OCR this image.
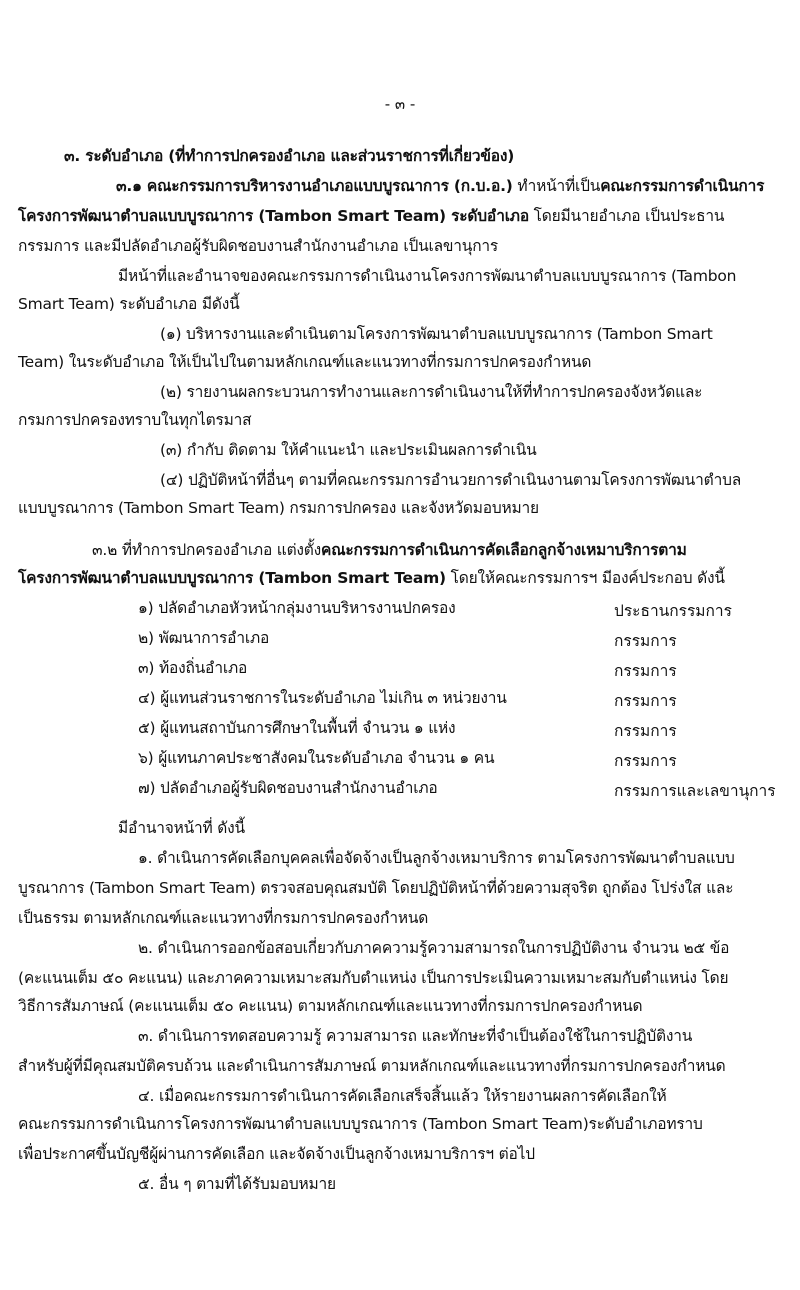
- ๓ -
๓. ระดับอำเภอ (ที่ทำการปกครองอำเภอ และส่วนราชการที่เกี่ยวข้อง)
๓.๑ คณะกรรมการบริหารงานอำเภอแบบบูรณาการ (ก.บ.อ.) ทำหน้าที่เป็นคณะกรรมการดำเนินการ
โครงการพัฒนาตำบลแบบบูรณาการ (Tambon Smart Team) ระดับอำเภอ โดยมีนายอำเภอ เป็นประธาน
กรรมการ และมีปลัดอำเภอผู้รับผิดชอบงานสำนักงานอำเภอ เป็นเลขานุการ
มีหน้าที่และอำนาจของคณะกรรมการดำเนินงานโครงการพัฒนาตำบลแบบบูรณาการ (Tambon
Smart Team) ระดับอำเภอ มีดังนี้
(๑) บริหารงานและดำเนินตามโครงการพัฒนาตำบลแบบบูรณาการ (Tambon Smart
Team) ในระดับอำเภอ ให้เป็นไปในตามหลักเกณฑ์และแนวทางที่กรมการปกครองกำหนด
(๒) รายงานผลกระบวนการทำงานและการดำเนินงานให้ที่ทำการปกครองจังหวัดและ
กรมการปกครองทราบในทุกไตรมาส
(๓) กำกับ ติดตาม ให้คำแนะนำ และประเมินผลการดำเนิน
(๔) ปฏิบัติหน้าที่อื่นๆ ตามที่คณะกรรมการอำนวยการดำเนินงานตามโครงการพัฒนาตำบล
แบบบูรณาการ (Tambon Smart Team) กรมการปกครอง และจังหวัดมอบหมาย
๓.๒ ที่ทำการปกครองอำเภอ แต่งตั้งคณะกรรมการดำเนินการคัดเลือกลูกจ้างเหมาบริการตาม
โครงการพัฒนาตำบลแบบบูรณาการ (Tambon Smart Team) โดยให้คณะกรรมการฯ มีองค์ประกอบ ดังนี้
๑) ปลัดอำเภอหัวหน้ากลุ่มงานบริหารงานปกครอง	ประธานกรรมการ
๒) พัฒนาการอำเภอ	กรรมการ
๓) ท้องถิ่นอำเภอ	กรรมการ
๔) ผู้แทนส่วนราชการในระดับอำเภอ ไม่เกิน ๓ หน่วยงาน	กรรมการ
๕) ผู้แทนสถาบันการศึกษาในพื้นที่ จำนวน ๑ แห่ง	กรรมการ
๖) ผู้แทนภาคประชาสังคมในระดับอำเภอ จำนวน ๑ คน	กรรมการ
๗) ปลัดอำเภอผู้รับผิดชอบงานสำนักงานอำเภอ	กรรมการและเลขานุการ
มีอำนาจหน้าที่ ดังนี้
๑. ดำเนินการคัดเลือกบุคคลเพื่อจัดจ้างเป็นลูกจ้างเหมาบริการ ตามโครงการพัฒนาตำบลแบบ
บูรณาการ (Tambon Smart Team) ตรวจสอบคุณสมบัติ โดยปฏิบัติหน้าที่ด้วยความสุจริต ถูกต้อง โปร่งใส และ
เป็นธรรม ตามหลักเกณฑ์และแนวทางที่กรมการปกครองกำหนด
๒. ดำเนินการออกข้อสอบเกี่ยวกับภาคความรู้ความสามารถในการปฏิบัติงาน จำนวน ๒๕ ข้อ
(คะแนนเต็ม ๕๐ คะแนน) และภาคความเหมาะสมกับตำแหน่ง เป็นการประเมินความเหมาะสมกับตำแหน่ง โดย
วิธีการสัมภาษณ์ (คะแนนเต็ม ๕๐ คะแนน) ตามหลักเกณฑ์และแนวทางที่กรมการปกครองกำหนด
๓. ดำเนินการทดสอบความรู้ ความสามารถ และทักษะที่จำเป็นต้องใช้ในการปฏิบัติงาน
สำหรับผู้ที่มีคุณสมบัติครบถ้วน และดำเนินการสัมภาษณ์ ตามหลักเกณฑ์และแนวทางที่กรมการปกครองกำหนด
๔. เมื่อคณะกรรมการดำเนินการคัดเลือกเสร็จสิ้นแล้ว ให้รายงานผลการคัดเลือกให้
คณะกรรมการดำเนินการโครงการพัฒนาตำบลแบบบูรณาการ (Tambon Smart Team)ระดับอำเภอทราบ
เพื่อประกาศขึ้นบัญชีผู้ผ่านการคัดเลือก และจัดจ้างเป็นลูกจ้างเหมาบริการฯ ต่อไป
๕. อื่น ๆ ตามที่ได้รับมอบหมาย
